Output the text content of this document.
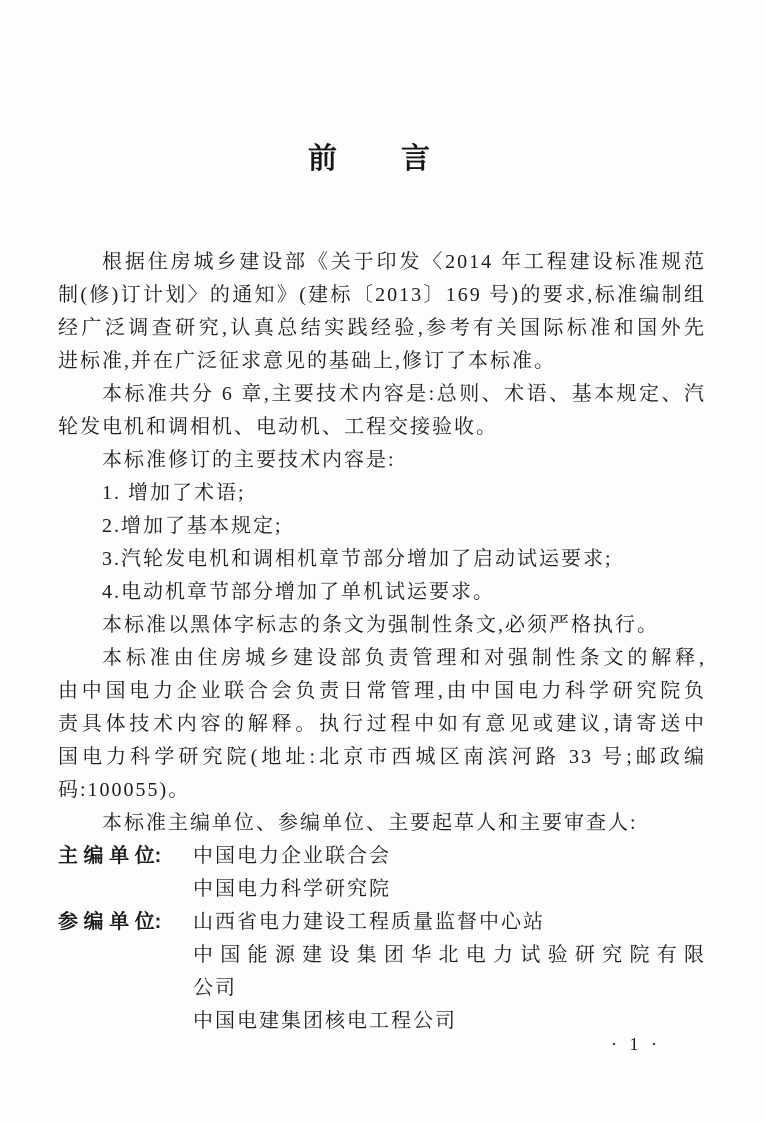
前 言
根据住房城乡建设部《关于印发〈2014 年工程建设标准规范
制(修)订计划〉的通知》(建标〔2013〕169 号)的要求,标准编制组
经广泛调查研究,认真总结实践经验,参考有关国际标准和国外先
进标准,并在广泛征求意见的基础上,修订了本标准。
本标准共分 6 章,主要技术内容是:总则、术语、基本规定、汽
轮发电机和调相机、电动机、工程交接验收。
本标准修订的主要技术内容是:
1. 增加了术语;
2.增加了基本规定;
3.汽轮发电机和调相机章节部分增加了启动试运要求;
4.电动机章节部分增加了单机试运要求。
本标准以黑体字标志的条文为强制性条文,必须严格执行。
本标准由住房城乡建设部负责管理和对强制性条文的解释,
由中国电力企业联合会负责日常管理,由中国电力科学研究院负
责具体技术内容的解释。执行过程中如有意见或建议,请寄送中
国电力科学研究院(地址:北京市西城区南滨河路 33 号;邮政编
码:100055)。
本标准主编单位、参编单位、主要起草人和主要审查人:
主 编 单 位: 中国电力企业联合会
中国电力科学研究院
参 编 单 位: 山西省电力建设工程质量监督中心站
中国能源建设集团华北电力试验研究院有限
公司
中国电建集团核电工程公司
· 1 ·
